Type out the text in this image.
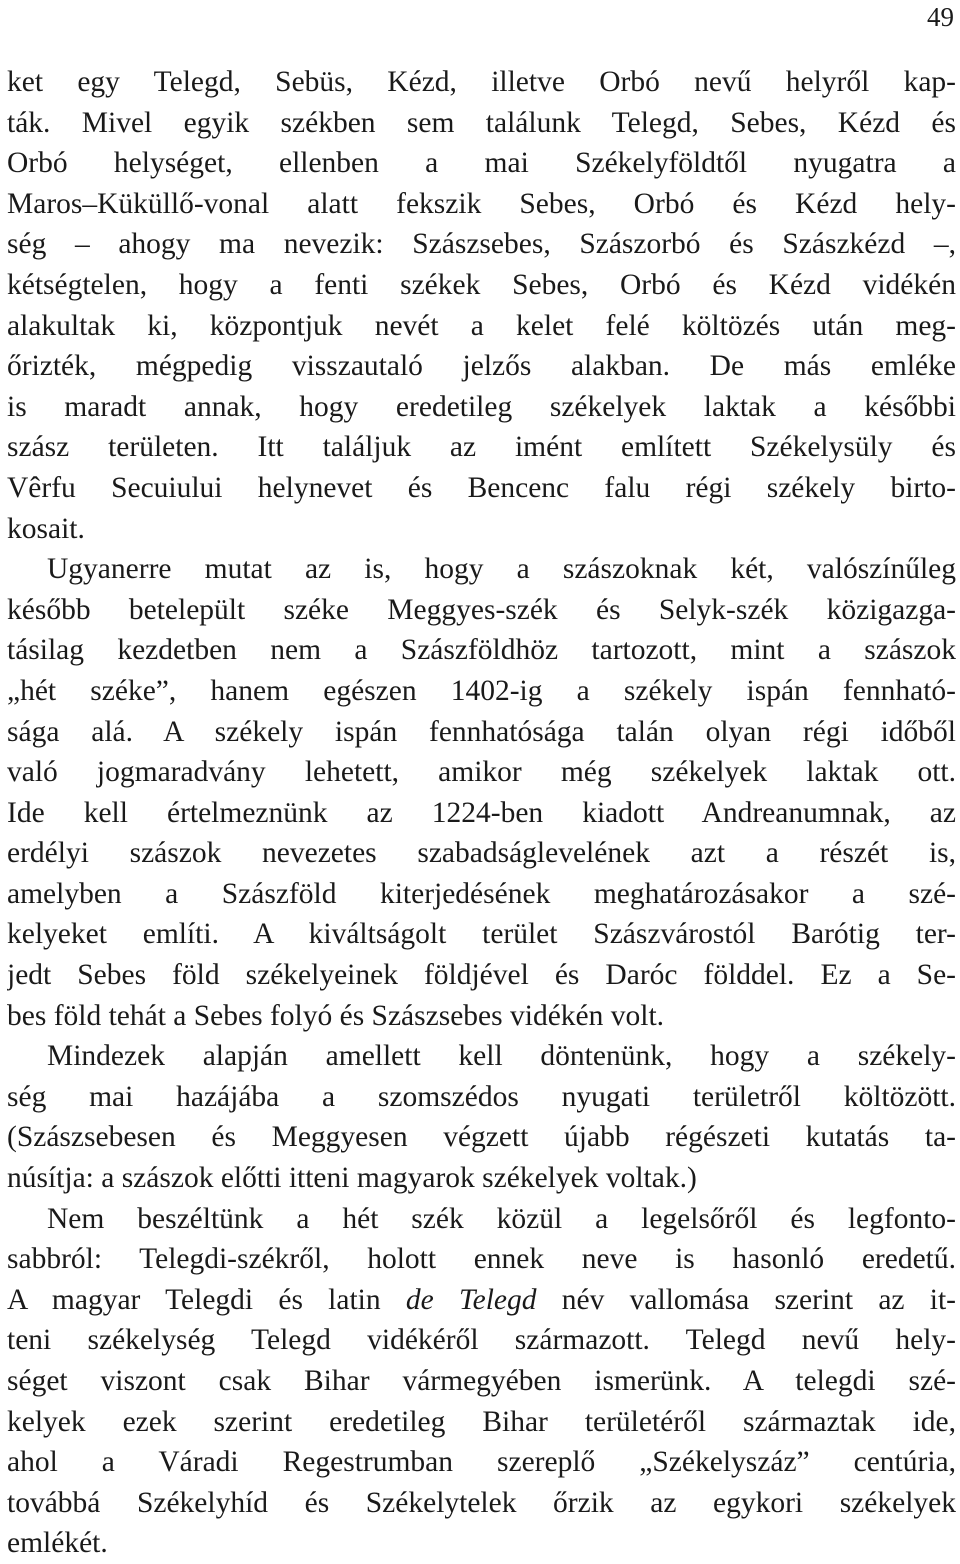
49
ket egy Telegd, Sebüs, Kézd, illetve Orbó nevű helyről kap-
ták. Mivel egyik székben sem találunk Telegd, Sebes, Kézd és
Orbó helységet, ellenben a mai Székelyföldtől nyugatra a
Maros–Küküllő-vonal alatt fekszik Sebes, Orbó és Kézd hely-
ség – ahogy ma nevezik: Szászsebes, Szászorbó és Szászkézd –,
kétségtelen, hogy a fenti székek Sebes, Orbó és Kézd vidékén
alakultak ki, központjuk nevét a kelet felé költözés után meg-
őrizték, mégpedig visszautaló jelzős alakban. De más emléke
is maradt annak, hogy eredetileg székelyek laktak a későbbi
szász területen. Itt találjuk az imént említett Székelysüly és
Vêrfu Secuiului helynevet és Bencenc falu régi székely birto-
kosait.
Ugyanerre mutat az is, hogy a szászoknak két, valószínűleg
később betelepült széke Meggyes-szék és Selyk-szék közigazga-
tásilag kezdetben nem a Szászföldhöz tartozott, mint a szászok
„hét széke”, hanem egészen 1402-ig a székely ispán fennható-
sága alá. A székely ispán fennhatósága talán olyan régi időből
való jogmaradvány lehetett, amikor még székelyek laktak ott.
Ide kell értelmeznünk az 1224-ben kiadott Andreanumnak, az
erdélyi szászok nevezetes szabadságlevelének azt a részét is,
amelyben a Szászföld kiterjedésének meghatározásakor a szé-
kelyeket említi. A kiváltságolt terület Szászvárostól Barótig ter-
jedt Sebes föld székelyeinek földjével és Daróc földdel. Ez a Se-
bes föld tehát a Sebes folyó és Szászsebes vidékén volt.
Mindezek alapján amellett kell döntenünk, hogy a székely-
ség mai hazájába a szomszédos nyugati területről költözött.
(Szászsebesen és Meggyesen végzett újabb régészeti kutatás ta-
núsítja: a szászok előtti itteni magyarok székelyek voltak.)
Nem beszéltünk a hét szék közül a legelsőről és legfonto-
sabbról: Telegdi-székről, holott ennek neve is hasonló eredetű.
A magyar Telegdi és latin de Telegd név vallomása szerint az it-
teni székelység Telegd vidékéről származott. Telegd nevű hely-
séget viszont csak Bihar vármegyében ismerünk. A telegdi szé-
kelyek ezek szerint eredetileg Bihar területéről származtak ide,
ahol a Váradi Regestrumban szereplő „Székelyszáz” centúria,
továbbá Székelyhíd és Székelytelek őrzik az egykori székelyek
emlékét.
